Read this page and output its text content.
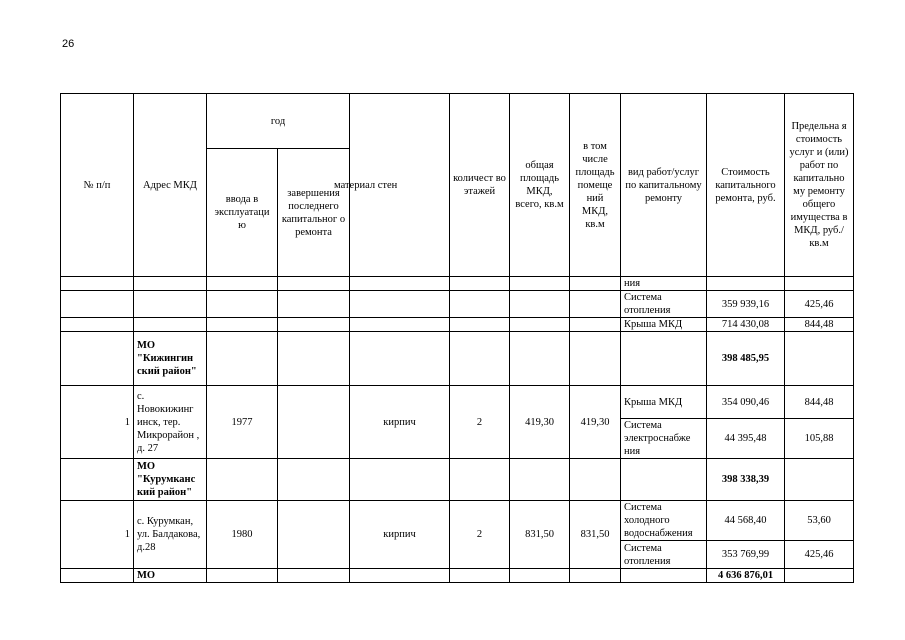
26
№ п/п	Адрес МКД	год		материал стен	количест во этажей	общая площадь МКД, всего, кв.м	в том числе площадь помеще ний МКД, кв.м	вид работ/услуг по капитальному ремонту	Стоимость капитального ремонта, руб.	Предельна я стоимость услуг и (или) работ по капитально му ремонту общего имущества в МКД, руб./кв.м
		ввода в эксплуатаци ю	завершения последнего капитальног о ремонта							
								ния		
								Система отопления	359 939,16	425,46
								Крыша МКД	714 430,08	844,48
	МО "Кижингин ский район"								398 485,95	
1	с. Новокижинг инск, тер. Микрорайон , д. 27	1977		кирпич	2	419,30	419,30	Крыша МКД	354 090,46	844,48
								Система электроснабже ния	44 395,48	105,88
	МО "Курумканс кий район"								398 338,39	
1	с. Курумкан, ул. Балдакова, д.28	1980		кирпич	2	831,50	831,50	Система холодного водоснабжения	44 568,40	53,60
								Система отопления	353 769,99	425,46
	МО								4 636 876,01	
